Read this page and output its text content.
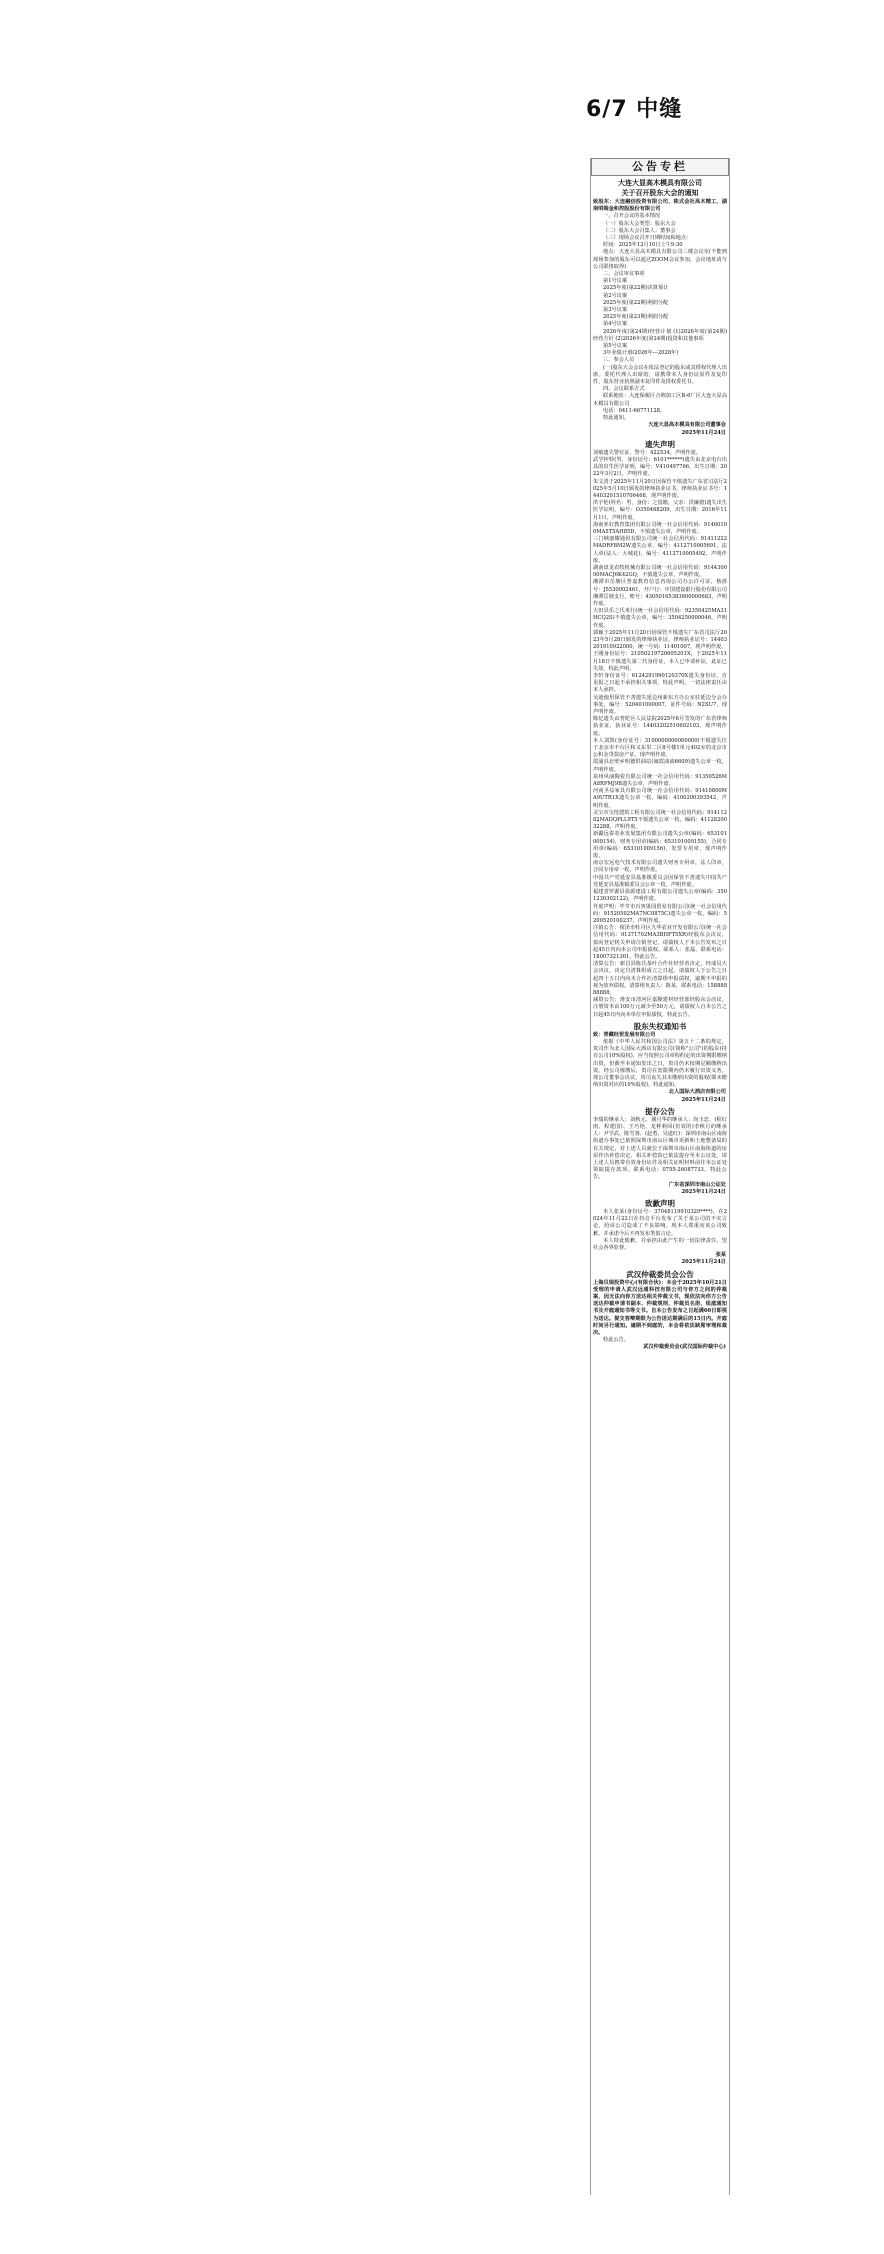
6/7 中缝
公告专栏
大连大显高木模具有限公司
关于召开股东大会的通知
致股东：大连融信投资有限公司、株式会社高木精工、湖南明端金和控股股份有限公司
一、召开会议的基本情况
（一）股东大会类型：股东大会
（二）股东大会召集人：董事会
（三）现场会议召开日期时间和地点：
时间：2025年12月10日上午9:30
地点：大连大显高木模具有限公司三楼会议室(不能到现场参加的股东可以通过ZOOM会议参加，会议地址请与公司联络取得)
二、会议审议事项
第1号议案
2025年度(第22期)决算预计
第2号议案
2025年度(第22期)利润分配
第3号议案
2025年度(第23期)利润分配
第4号议案
2026年度(第24期)经营计划 (1)2026年度(第24期)经营方针 (2)2026年度(第24期)投资和其他事项
第5号议案
3年业绩计划(2026年—2028年)
三、参会人员
(一)股东大会会议在依法登记的股东或其授权代理人出席。委托代理人出席的，请携带本人身份证原件及复印件，股东营业执照副本复印件及授权委托书。
四、会议联系方式
联系地址：大连保税区合锦加工区B-6厂区大连大显高木模具有限公司
电话：0411-66771128。
特此通知。
大连大显高木模具有限公司董事会
2025年11月24日
遗失声明
刘敏遗失警官证，警号：422534，声明作废。
武学梓特(男，身份证号：6101******)遗失由北京电台出具的出生医学证明，编号：V410497766，出生日期：2022年3月2日，声明作废。
朱文清于2025年11月20日因保管不慎遗失广东省司法厅2025年5月10日颁发的律师执业证书，律师执业证书号：14403201510706468，现声明作废。
洪宇伦(姓名：男，身份：之国籍，父亲：洪廉德)遗失出生医学证明，编号：O350468209，出生日期：2016年11月1日，声明作废。
海南亚好教育集团有限公司统一社会信用代码：91460100MA5T5AH85D，不慎遗失公章，声明作废。
三门峡康耀通讯有限公司统一社会信用代码：91411222MADRF8M2W遗失公章，编号：4112710005691，法人章(法人：大城花)，编号：4112710005492，声明作废。
湖南盘龙农牧机械有限公司统一社会信用代码：914430000MACJ6K42GQ，不慎遗失公章，声明作废。
湘潭市岳塘区普嘉教育信息咨询公司办公许可证，核准号：J5530002461，开户行：中国建设银行股份有限公司湘潭岳塘支行，账号：43050165383600000683，声明作废。
大田县乐之氏米行(统一社会信用代码：92350425MA31HCQ2S)不慎遗失公章，编号：3504250000046，声明作废。
郭颖于2025年11月20日因保管不慎遗失广东省司法厅2023年5月28日颁发的律师执业证，律师执业证号：14403201910922000，统一号码：11401007，现声明作废。
王刚身份证号：21050219720605201X，于2025年11月18日不慎遗失第二代身份证，本人已申请补证，此证已失效，特此声明。
李轩身份证号：6124291990120370X遗失身份证，自见报之日起不承担相关事项，特此声明，一切法律责任由本人承担。
吴迪使用保管不善遗失延边州新东方办公室驻延边分会办事处，编号：520401000007，证件号码：N2XU7，现声明作废。
陈忆遗失由普陀区人民法院2025年6月签发的广东省律师执业证，执业证号：14403202510602103，现声明作废。
本人刘凯(身份证号：3100000000000000)不慎遗失位于北京市丰台区和义东里二区8号楼1单元402室的北京市公积金贷款房产证，现声明作废。
霞浦县北壁乡明德供油站(闽霞油油6609)遗失公章一枚，声明作废。
泉州风丽陶瓷有限公司统一社会信用代码：91350526MA8RPMJ9B遗失公章，声明作废。
河南圣益家具有限公司统一社会信用代码：91410800MA9UTR1X遗失公章一枚，编码：4100200393542，声明作废。
灵宝市宝莲建筑工程有限公司统一社会信用代码：91411282MADQPLL9T5不慎遗失公章一枚，编码：4112820032288，声明作废。
新疆远泰农业发展集团有限公司遗失公章(编码：653101009154)，财务专用章(编码：653101009155)，合同专用章(编码：653101009156)，发票专用章，现声明作废。
南京宏远电气技术有限公司遗失财务专用章，法人印章，合同专用章一枚，声明作废。
中国共产党延安县基准镇委员会因保管不善遗失中国共产党延安县基准镇委员会公章一枚，声明作废。
福建省罗源县盈源建设工程有限公司遗失公章(编码：3501230302122)，声明作废。
作废声明：毕节市百客果园贸易有限公司(统一社会信用代码：91520502MA7NC0875C)遗失公章一枚，编码：5200520100237，声明作废。
注销公告：荷泽市牡丹区九华农业开发有限公司(统一社会信用代码：91371702MA3BHFT5XR)经股东会决议，拟向登记机关申请注销登记，请债权人于本公告发布之日起45日内向本公司申报债权。联系人：张磊，联系电话：18007321361，特此公告。
清算公告：新昌县陈氏茶叶合作社经营者决定，经成员大会决议，决定自清算组成立之日起，请债权人于公告之日起四十五日内向本合作社清算组申报债权，逾期不申报的视为放弃债权。清算组负责人：陈某，联系电话：15888888888。
减资公告：淮安市清河区嘉顺建材经营部经股东会决议，注册资本由100万元减少至50万元，请债权人自本公告之日起45日内向本单位申报债权，特此公告。
股东失权通知书
致：青藏经贸发展有限公司
依据《中华人民共和国公司法》第五十二条的规定，贵司作为北人国际大酒店有限公司(简称"公司")的股东(持有公司10%股权)，应当按照公司章程约定的出资期限缴纳出资，但截至本通知发出之日，贵司仍未按期足额缴纳出资。经公司催缴后，贵司在宽限期内仍未履行出资义务。现公司董事会决议，贵司丧失其未缴纳出资的股权(即未缴纳出资对应的10%股权)，特此通知。
北人国际大酒店有限公司
2025年11月24日
提存公告
李瑞的继承人：刘秋元、谢月华的继承人：尚玉忠、(程红雨、程建国)、王巧艳、龙秤莉回(仿效的)李秋月的继承人：尹学武、陈雪蓉、(赵勇、吴道红)：深圳市南山区南海街道办事处已依照深圳市南山区城市更新和土地整备局的有关规定，对上述人员就位于深圳市南山区南海街道的房屋作出补偿决定，相关补偿款已依法提存至本公证处。请上述人员携带有效身份证件及相关证明材料前往本公证处领取提存款项。联系电话：0755-26087733。特此公告。
广东省深圳市南山公证处
2025年11月24日
致歉声明
本人张某(身份证号：37048119910329****)，在2024年11月22日在抖音平台发布了关于某公司的不实言论，给该公司造成了不良影响。现本人郑重向该公司致歉，并承诺今后不再发布类似言论。
本人特此致歉，并承担由此产生的一切法律责任。望社会各界监督。
张某
2025年11月24日
武汉仲裁委员会公告
上海贝瑞投资中心(有限合伙)：本会于2025年10月21日受理的申请人武汉远通科技有限公司与你方之间的仲裁案，因无法向你方送达相关仲裁文书，现依法向你方公告送达仲裁申请书副本、仲裁规则、仲裁员名册、组庭通知书及开庭通知书等文书。自本公告发布之日起满60日即视为送达。提交答辩期限为公告送达期满后的15日内。开庭时间另行通知。逾期不到庭的，本会将依法缺席审理和裁决。
特此公告。
武汉仲裁委员会(武汉国际仲裁中心)
